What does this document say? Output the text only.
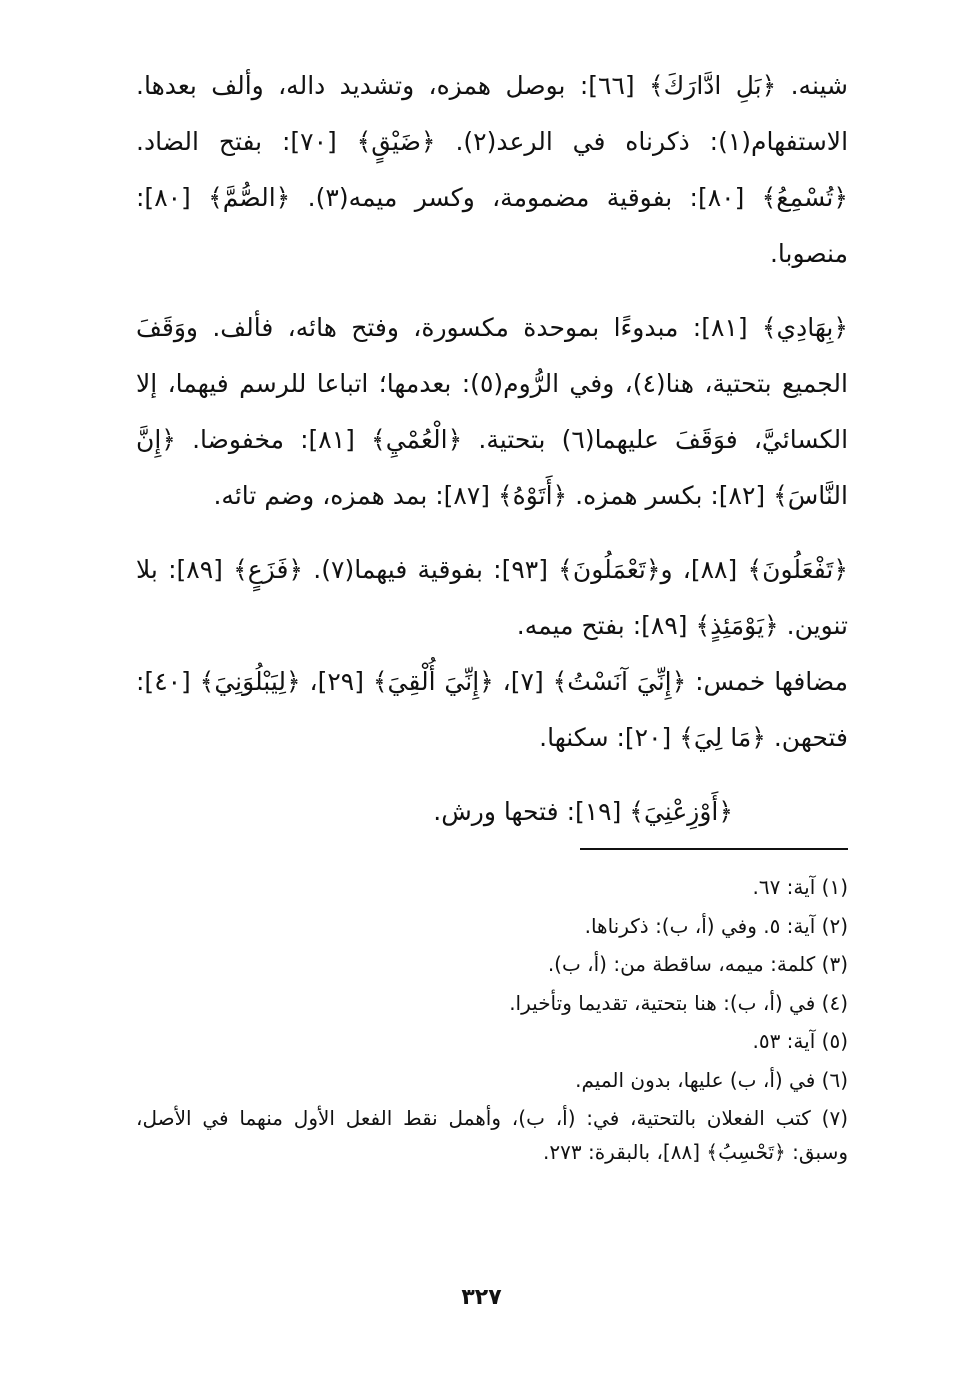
شينه. ﴿بَلِ ادَّارَكَ﴾ [٦٦]: بوصل همزه، وتشديد داله، وألف بعدها. الاستفهام(١): ذكرناه في الرعد(٢). ﴿ضَيْقٍ﴾ [٧٠]: بفتح الضاد. ﴿تُسْمِعُ﴾ [٨٠]: بفوقية مضمومة، وكسر ميمه(٣). ﴿الصُّمَّ﴾ [٨٠]: منصوبا.

﴿بِهَادِي﴾ [٨١]: مبدوءًا بموحدة مكسورة، وفتح هائه، فألف. ووَقَفَ الجميع بتحتية، هنا(٤)، وفي الرُّوم(٥): بعدمها؛ اتباعا للرسم فيهما، إلا الكسائيَّ، فوَقَفَ عليهما(٦) بتحتية. ﴿الْعُمْيِ﴾ [٨١]: مخفوضا. ﴿إِنَّ النَّاسَ﴾ [٨٢]: بكسر همزه. ﴿أَتَوْهُ﴾ [٨٧]: بمد همزه، وضم تائه.

﴿تَفْعَلُونَ﴾ [٨٨]، و﴿تَعْمَلُونَ﴾ [٩٣]: بفوقية فيهما(٧). ﴿فَزَعٍ﴾ [٨٩]: بلا تنوين. ﴿يَوْمَئِذٍ﴾ [٨٩]: بفتح ميمه.

مضافها خمس: ﴿إِنِّيَ آنَسْتُ﴾ [٧]، ﴿إِنِّيَ أُلْقِيَ﴾ [٢٩]، ﴿لِيَبْلُوَنِيَ﴾ [٤٠]: فتحهن. ﴿مَا لِيَ﴾ [٢٠]: سكنها.

﴿أَوْزِعْنِيَ﴾ [١٩]: فتحها ورش.

(١) آية: ٦٧.

(٢) آية: ٥. وفي (أ، ب): ذكرناها.

(٣) كلمة: ميمه، ساقطة من: (أ، ب).

(٤) في (أ، ب): هنا بتحتية، تقديما وتأخيرا.

(٥) آية: ٥٣.

(٦) في (أ، ب) عليها، بدون الميم.

(٧) كتب الفعلان بالتحتية، في: (أ، ب)، وأهمل نقط الفعل الأول منهما في الأصل، وسبق: ﴿تَحْسِبُ﴾ [٨٨]، بالبقرة: ٢٧٣.

٣٢٧
